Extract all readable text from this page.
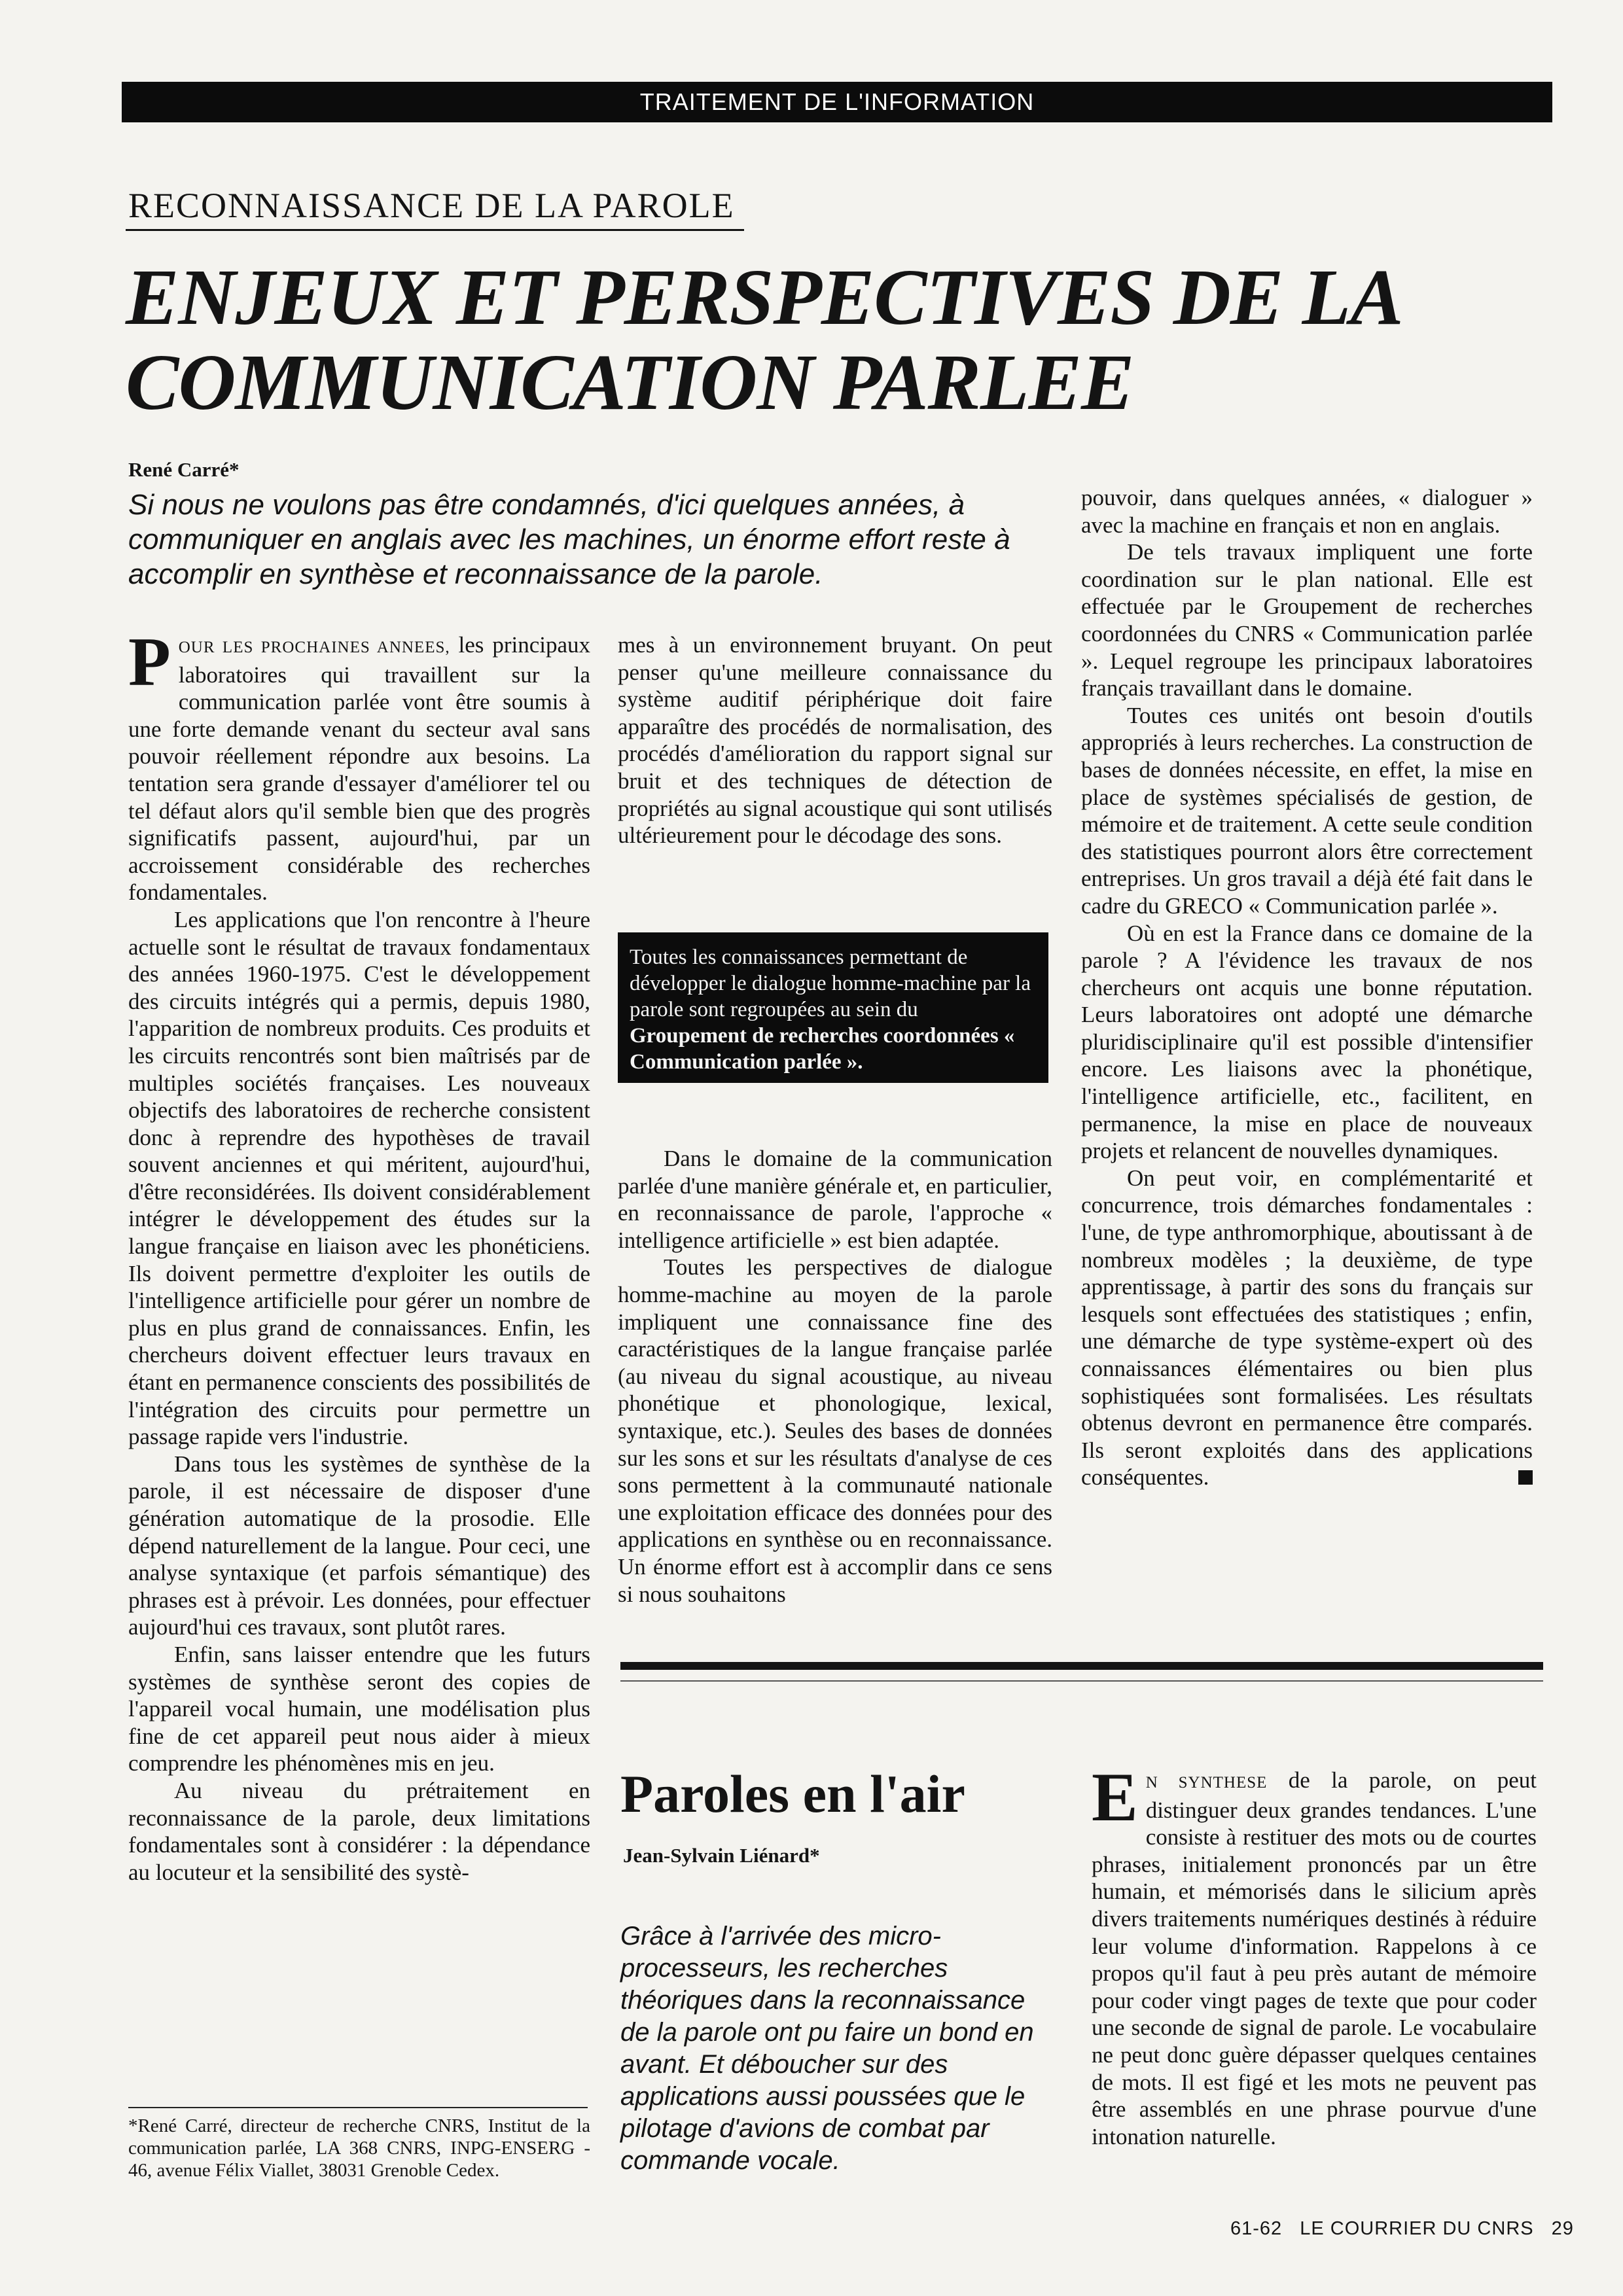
TRAITEMENT DE L'INFORMATION
RECONNAISSANCE DE LA PAROLE
ENJEUX ET PERSPECTIVES DE LA
COMMUNICATION PARLEE
René Carré*
Si nous ne voulons pas être condamnés, d'ici quelques années, à
communiquer en anglais avec les machines, un énorme effort reste à
accomplir en synthèse et reconnaissance de la parole.

POUR LES PROCHAINES ANNEES, les principaux laboratoires qui travaillent sur la communication parlée vont être soumis à une forte demande venant du secteur aval sans pouvoir réellement répondre aux besoins. La tentation sera grande d'essayer d'améliorer tel ou tel défaut alors qu'il semble bien que des progrès significatifs passent, aujourd'hui, par un accroissement considérable des recherches fondamentales.

Les applications que l'on rencontre à l'heure actuelle sont le résultat de travaux fondamentaux des années 1960-1975. C'est le développement des circuits intégrés qui a permis, depuis 1980, l'apparition de nombreux produits. Ces produits et les circuits rencontrés sont bien maîtrisés par de multiples sociétés françaises. Les nouveaux objectifs des laboratoires de recherche consistent donc à reprendre des hypothèses de travail souvent anciennes et qui méritent, aujourd'hui, d'être reconsidérées. Ils doivent considérablement intégrer le développement des études sur la langue française en liaison avec les phonéticiens. Ils doivent permettre d'exploiter les outils de l'intelligence artificielle pour gérer un nombre de plus en plus grand de connaissances. Enfin, les chercheurs doivent effectuer leurs travaux en étant en permanence conscients des possibilités de l'intégration des circuits pour permettre un passage rapide vers l'industrie.

Dans tous les systèmes de synthèse de la parole, il est nécessaire de disposer d'une génération automatique de la prosodie. Elle dépend naturellement de la langue. Pour ceci, une analyse syntaxique (et parfois sémantique) des phrases est à prévoir. Les données, pour effectuer aujourd'hui ces travaux, sont plutôt rares.

Enfin, sans laisser entendre que les futurs systèmes de synthèse seront des copies de l'appareil vocal humain, une modélisation plus fine de cet appareil peut nous aider à mieux comprendre les phénomènes mis en jeu.

Au niveau du prétraitement en reconnaissance de la parole, deux limitations fondamentales sont à considérer : la dépendance au locuteur et la sensibilité des systè-

*René Carré, directeur de recherche CNRS, Institut de la communication parlée, LA 368 CNRS, INPG-ENSERG - 46, avenue Félix Viallet, 38031 Grenoble Cedex.

mes à un environnement bruyant. On peut penser qu'une meilleure connaissance du système auditif périphérique doit faire apparaître des procédés de normalisation, des procédés d'amélioration du rapport signal sur bruit et des techniques de détection de propriétés au signal acoustique qui sont utilisés ultérieurement pour le décodage des sons.

Toutes les connaissances permettant de développer le dialogue homme-machine par la parole sont regroupées au sein du Groupement de recherches coordonnées « Communication parlée ».

Dans le domaine de la communication parlée d'une manière générale et, en particulier, en reconnaissance de parole, l'approche « intelligence artificielle » est bien adaptée.

Toutes les perspectives de dialogue homme-machine au moyen de la parole impliquent une connaissance fine des caractéristiques de la langue française parlée (au niveau du signal acoustique, au niveau phonétique et phonologique, lexical, syntaxique, etc.). Seules des bases de données sur les sons et sur les résultats d'analyse de ces sons permettent à la communauté nationale une exploitation efficace des données pour des applications en synthèse ou en reconnaissance. Un énorme effort est à accomplir dans ce sens si nous souhaitons

pouvoir, dans quelques années, « dialoguer » avec la machine en français et non en anglais.

De tels travaux impliquent une forte coordination sur le plan national. Elle est effectuée par le Groupement de recherches coordonnées du CNRS « Communication parlée ». Lequel regroupe les principaux laboratoires français travaillant dans le domaine.

Toutes ces unités ont besoin d'outils appropriés à leurs recherches. La construction de bases de données nécessite, en effet, la mise en place de systèmes spécialisés de gestion, de mémoire et de traitement. A cette seule condition des statistiques pourront alors être correctement entreprises. Un gros travail a déjà été fait dans le cadre du GRECO « Communication parlée ».

Où en est la France dans ce domaine de la parole ? A l'évidence les travaux de nos chercheurs ont acquis une bonne réputation. Leurs laboratoires ont adopté une démarche pluridisciplinaire qu'il est possible d'intensifier encore. Les liaisons avec la phonétique, l'intelligence artificielle, etc., facilitent, en permanence, la mise en place de nouveaux projets et relancent de nouvelles dynamiques.

On peut voir, en complémentarité et concurrence, trois démarches fondamentales : l'une, de type anthromorphique, aboutissant à de nombreux modèles ; la deuxième, de type apprentissage, à partir des sons du français sur lesquels sont effectuées des statistiques ; enfin, une démarche de type système-expert où des connaissances élémentaires ou bien plus sophistiquées sont formalisées. Les résultats obtenus devront en permanence être comparés. Ils seront exploités dans des applications conséquentes.

Paroles en l'air
Jean-Sylvain Liénard*
Grâce à l'arrivée des micro-
processeurs, les recherches
théoriques dans la reconnaissance
de la parole ont pu faire un bond en
avant. Et déboucher sur des
applications aussi poussées que le
pilotage d'avions de combat par
commande vocale.

E N SYNTHESE de la parole, on peut distinguer deux grandes tendances. L'une consiste à restituer des mots ou de courtes phrases, initialement prononcés par un être humain, et mémorisés dans le silicium après divers traitements numériques destinés à réduire leur volume d'information. Rappelons à ce propos qu'il faut à peu près autant de mémoire pour coder vingt pages de texte que pour coder une seconde de signal de parole. Le vocabulaire ne peut donc guère dépasser quelques centaines de mots. Il est figé et les mots ne peuvent pas être assemblés en une phrase pourvue d'une intonation naturelle.

61-62 LE COURRIER DU CNRS 29
